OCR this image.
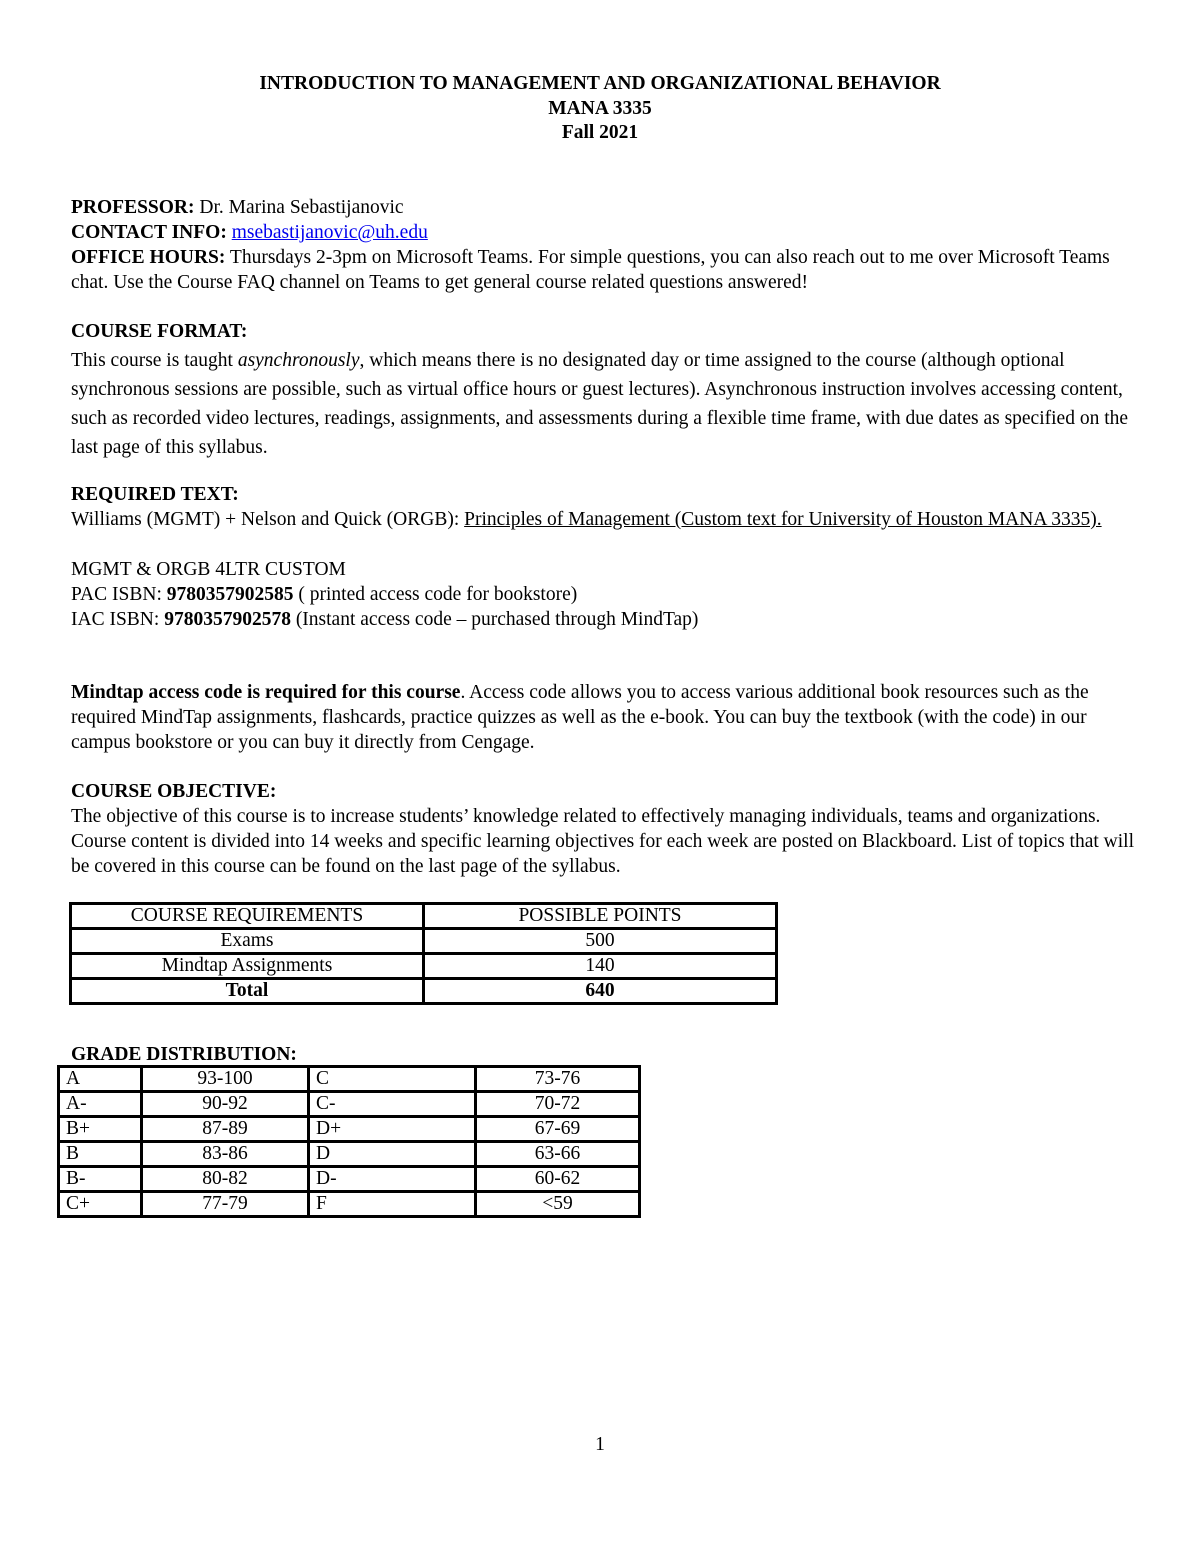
INTRODUCTION TO MANAGEMENT AND ORGANIZATIONAL BEHAVIOR
MANA 3335
Fall 2021

PROFESSOR: Dr. Marina Sebastijanovic

CONTACT INFO: msebastijanovic@uh.edu

OFFICE HOURS: Thursdays 2-3pm on Microsoft Teams. For simple questions, you can also reach out to me over Microsoft Teams chat. Use the Course FAQ channel on Teams to get general course related questions answered!

COURSE FORMAT:

This course is taught asynchronously, which means there is no designated day or time assigned to the course (although optional synchronous sessions are possible, such as virtual office hours or guest lectures). Asynchronous instruction involves accessing content, such as recorded video lectures, readings, assignments, and assessments during a flexible time frame, with due dates as specified on the last page of this syllabus.

REQUIRED TEXT:

Williams (MGMT) + Nelson and Quick (ORGB): Principles of Management (Custom text for University of Houston MANA 3335).

MGMT & ORGB 4LTR CUSTOM

PAC ISBN: 9780357902585 ( printed access code for bookstore)

IAC ISBN: 9780357902578 (Instant access code – purchased through MindTap)

Mindtap access code is required for this course. Access code allows you to access various additional book resources such as the required MindTap assignments, flashcards, practice quizzes as well as the e-book. You can buy the textbook (with the code) in our campus bookstore or you can buy it directly from Cengage.

COURSE OBJECTIVE:

The objective of this course is to increase students’ knowledge related to effectively managing individuals, teams and organizations. Course content is divided into 14 weeks and specific learning objectives for each week are posted on Blackboard. List of topics that will be covered in this course can be found on the last page of the syllabus.

COURSE REQUIREMENTS	POSSIBLE POINTS
Exams	500
Mindtap Assignments	140
Total	640
GRADE DISTRIBUTION:
A	93-100	C	73-76
A-	90-92	C-	70-72
B+	87-89	D+	67-69
B	83-86	D	63-66
B-	80-82	D-	60-62
C+	77-79	F	<59
1
